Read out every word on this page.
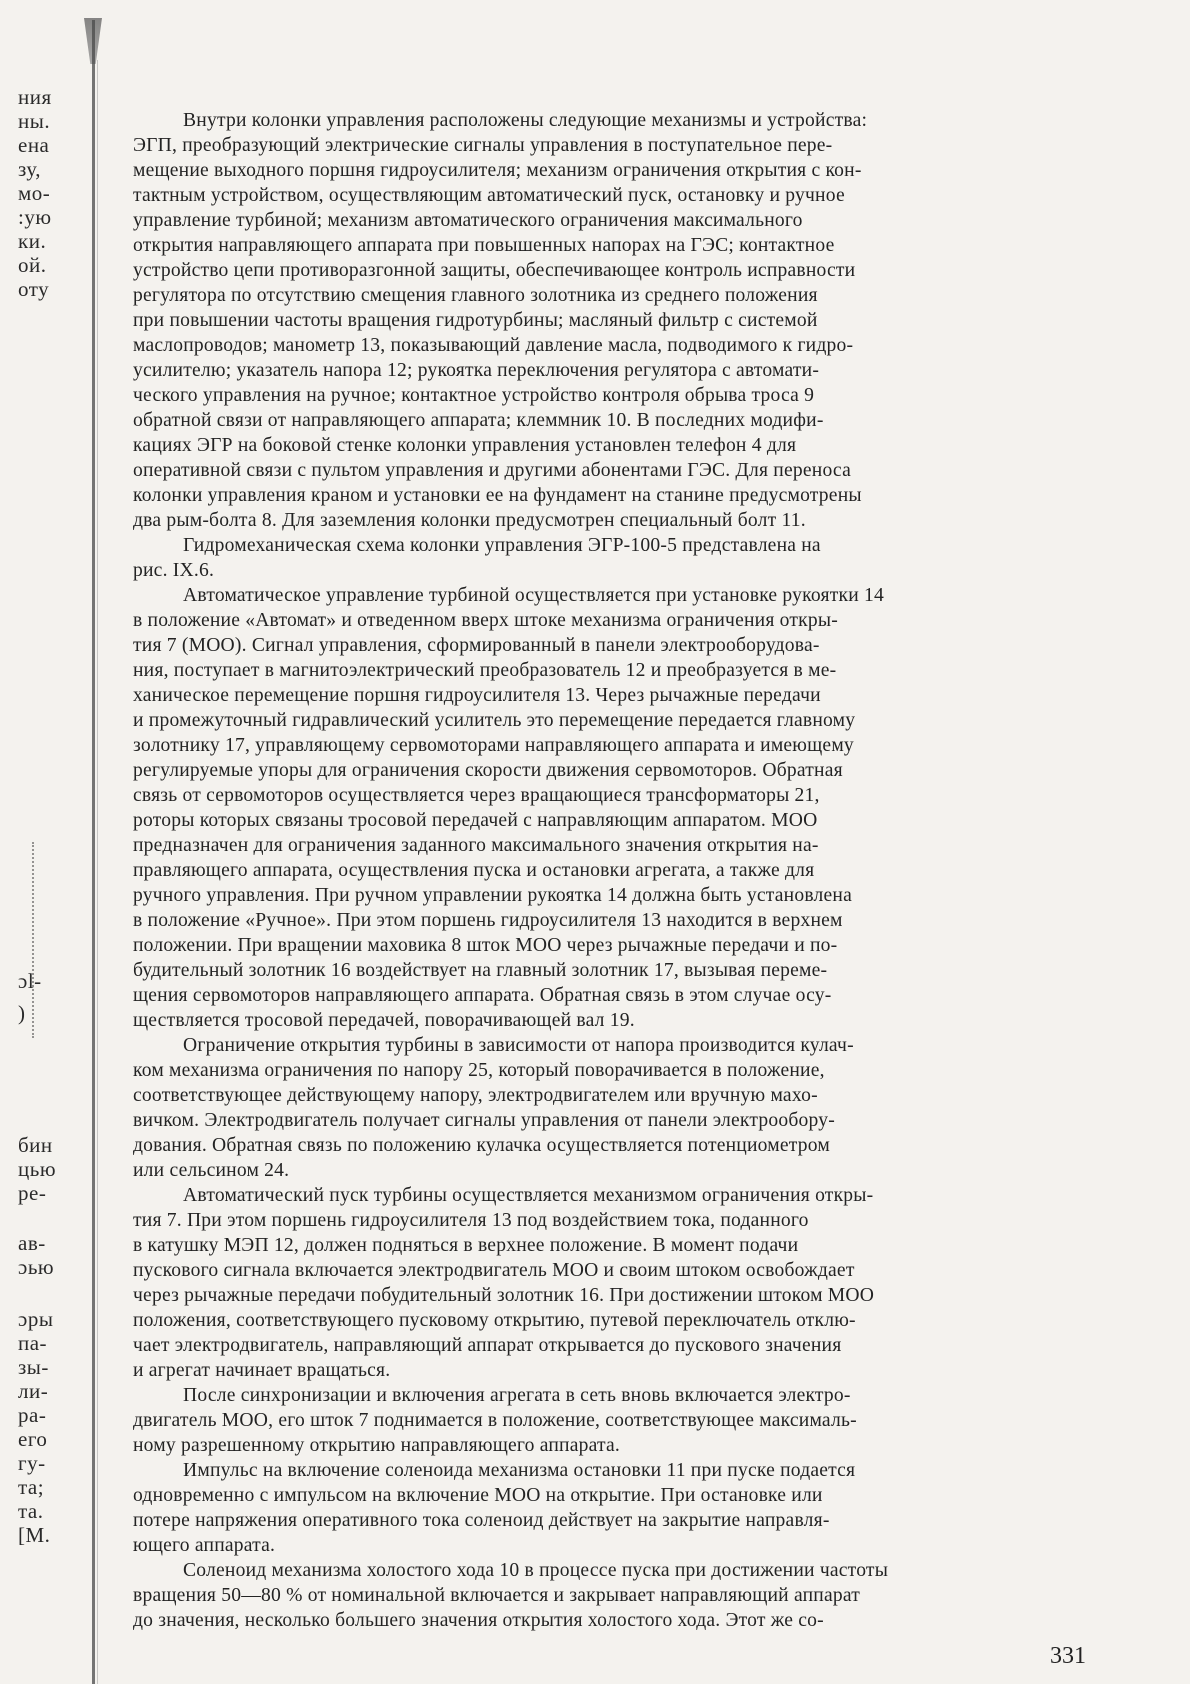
ния
ны.
ена
зу,
мо-
:ую
ки.
ой.
оту
ɔl-
)
бин
цью
ре-
ав-
ɔью
ɔры
па-
зы-
ли-
ра-
его
гу-
та;
та.
[M.
Внутри колонки управления расположены следующие механизмы и устройства:
ЭГП, преобразующий электрические сигналы управления в поступательное пере-
мещение выходного поршня гидроусилителя; механизм ограничения открытия с кон-
тактным устройством, осуществляющим автоматический пуск, остановку и ручное
управление турбиной; механизм автоматического ограничения максимального
открытия направляющего аппарата при повышенных напорах на ГЭС; контактное
устройство цепи противоразгонной защиты, обеспечивающее контроль исправности
регулятора по отсутствию смещения главного золотника из среднего положения
при повышении частоты вращения гидротурбины; масляный фильтр с системой
маслопроводов; манометр 13, показывающий давление масла, подводимого к гидро-
усилителю; указатель напора 12; рукоятка переключения регулятора с автомати-
ческого управления на ручное; контактное устройство контроля обрыва троса 9
обратной связи от направляющего аппарата; клеммник 10. В последних модифи-
кациях ЭГР на боковой стенке колонки управления установлен телефон 4 для
оперативной связи с пультом управления и другими абонентами ГЭС. Для переноса
колонки управления краном и установки ее на фундамент на станине предусмотрены
два рым-болта 8. Для заземления колонки предусмотрен специальный болт 11.
Гидромеханическая схема колонки управления ЭГР-100-5 представлена на
рис. IX.6.
Автоматическое управление турбиной осуществляется при установке рукоятки 14
в положение «Автомат» и отведенном вверх штоке механизма ограничения откры-
тия 7 (МОО). Сигнал управления, сформированный в панели электрооборудова-
ния, поступает в магнитоэлектрический преобразователь 12 и преобразуется в ме-
ханическое перемещение поршня гидроусилителя 13. Через рычажные передачи
и промежуточный гидравлический усилитель это перемещение передается главному
золотнику 17, управляющему сервомоторами направляющего аппарата и имеющему
регулируемые упоры для ограничения скорости движения сервомоторов. Обратная
связь от сервомоторов осуществляется через вращающиеся трансформаторы 21,
роторы которых связаны тросовой передачей с направляющим аппаратом. МОО
предназначен для ограничения заданного максимального значения открытия на-
правляющего аппарата, осуществления пуска и остановки агрегата, а также для
ручного управления. При ручном управлении рукоятка 14 должна быть установлена
в положение «Ручное». При этом поршень гидроусилителя 13 находится в верхнем
положении. При вращении маховика 8 шток МОО через рычажные передачи и по-
будительный золотник 16 воздействует на главный золотник 17, вызывая переме-
щения сервомоторов направляющего аппарата. Обратная связь в этом случае осу-
ществляется тросовой передачей, поворачивающей вал 19.
Ограничение открытия турбины в зависимости от напора производится кулач-
ком механизма ограничения по напору 25, который поворачивается в положение,
соответствующее действующему напору, электродвигателем или вручную махо-
вичком. Электродвигатель получает сигналы управления от панели электрообору-
дования. Обратная связь по положению кулачка осуществляется потенциометром
или сельсином 24.
Автоматический пуск турбины осуществляется механизмом ограничения откры-
тия 7. При этом поршень гидроусилителя 13 под воздействием тока, поданного
в катушку МЭП 12, должен подняться в верхнее положение. В момент подачи
пускового сигнала включается электродвигатель МОО и своим штоком освобождает
через рычажные передачи побудительный золотник 16. При достижении штоком МОО
положения, соответствующего пусковому открытию, путевой переключатель отклю-
чает электродвигатель, направляющий аппарат открывается до пускового значения
и агрегат начинает вращаться.
После синхронизации и включения агрегата в сеть вновь включается электро-
двигатель МОО, его шток 7 поднимается в положение, соответствующее максималь-
ному разрешенному открытию направляющего аппарата.
Импульс на включение соленоида механизма остановки 11 при пуске подается
одновременно с импульсом на включение МОО на открытие. При остановке или
потере напряжения оперативного тока соленоид действует на закрытие направля-
ющего аппарата.
Соленоид механизма холостого хода 10 в процессе пуска при достижении частоты
вращения 50—80 % от номинальной включается и закрывает направляющий аппарат
до значения, несколько большего значения открытия холостого хода. Этот же со-
331
